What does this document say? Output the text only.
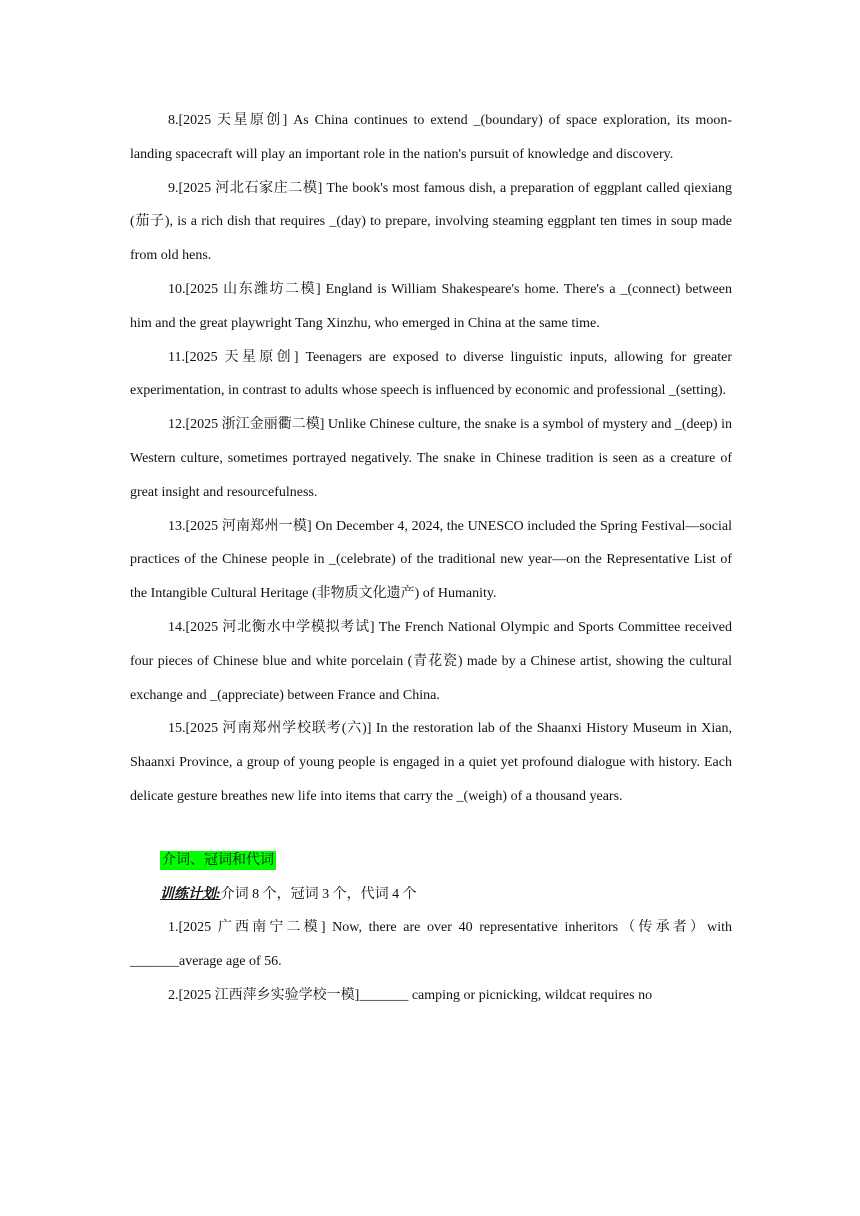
8.[2025 天星原创] As China continues to extend _(boundary) of space exploration, its moon-landing spacecraft will play an important role in the nation's pursuit of knowledge and discovery.

9.[2025 河北石家庄二模] The book's most famous dish, a preparation of eggplant called qiexiang (茄子), is a rich dish that requires _(day) to prepare, involving steaming eggplant ten times in soup made from old hens.

10.[2025 山东潍坊二模] England is William Shakespeare's home. There's a _(connect) between him and the great playwright Tang Xinzhu, who emerged in China at the same time.

11.[2025 天星原创] Teenagers are exposed to diverse linguistic inputs, allowing for greater experimentation, in contrast to adults whose speech is influenced by economic and professional _(setting).

12.[2025 浙江金丽衢二模] Unlike Chinese culture, the snake is a symbol of mystery and _(deep) in Western culture, sometimes portrayed negatively. The snake in Chinese tradition is seen as a creature of great insight and resourcefulness.

13.[2025 河南郑州一模] On December 4, 2024, the UNESCO included the Spring Festival—social practices of the Chinese people in _(celebrate) of the traditional new year—on the Representative List of the Intangible Cultural Heritage (非物质文化遗产) of Humanity.

14.[2025 河北衡水中学模拟考试] The French National Olympic and Sports Committee received four pieces of Chinese blue and white porcelain (青花瓷) made by a Chinese artist, showing the cultural exchange and _(appreciate) between France and China.

15.[2025 河南郑州学校联考(六)] In the restoration lab of the Shaanxi History Museum in Xian, Shaanxi Province, a group of young people is engaged in a quiet yet profound dialogue with history. Each delicate gesture breathes new life into items that carry the _(weigh) of a thousand years.

介词、冠词和代词
训练计划:介词 8 个，冠词 3 个，代词 4 个

1.[2025 广西南宁二模] Now, there are over 40 representative inheritors（传承者）with _______average age of 56.

2.[2025 江西萍乡实验学校一模]_______ camping or picnicking, wildcat requires no
